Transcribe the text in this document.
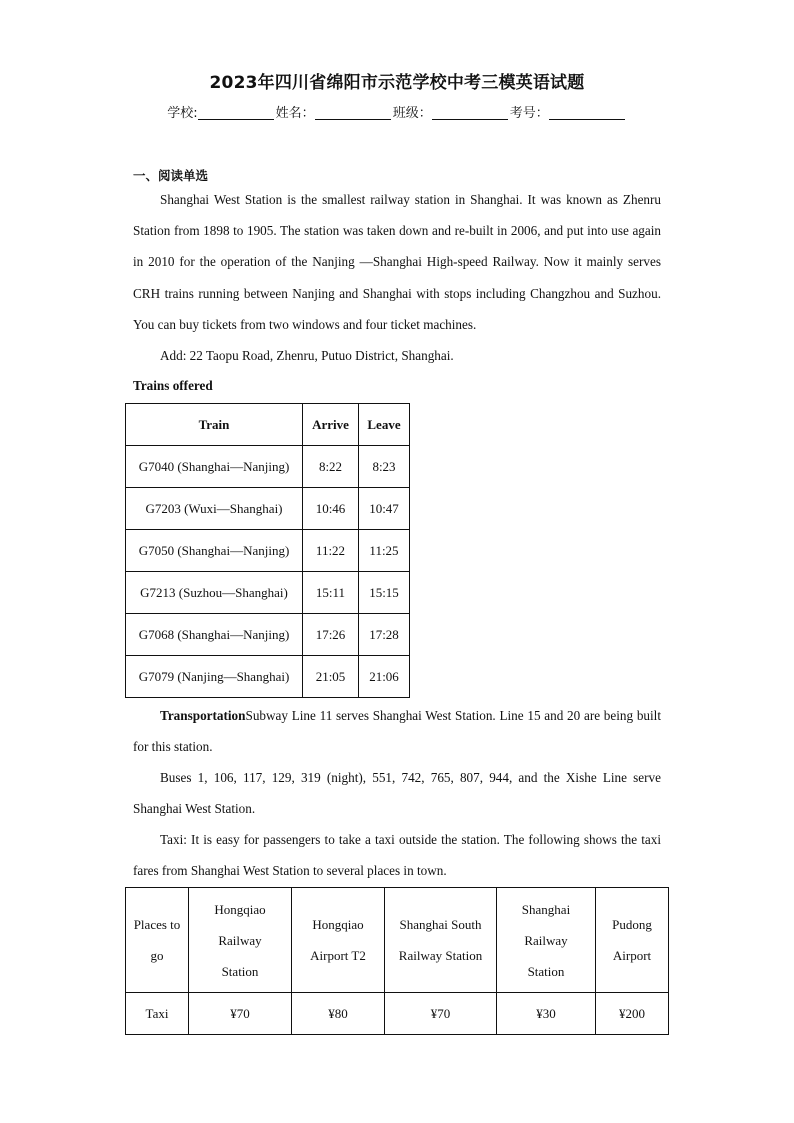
2023年四川省绵阳市示范学校中考三模英语试题
学校:	姓名：	班级：	考号：
一、阅读单选

Shanghai West Station is the smallest railway station in Shanghai. It was known as Zhenru Station from 1898 to 1905. The station was taken down and re-built in 2006, and put into use again in 2010 for the operation of the Nanjing —Shanghai High-speed Railway. Now it mainly serves CRH trains running between Nanjing and Shanghai with stops including Changzhou and Suzhou. You can buy tickets from two windows and four ticket machines.

Add: 22 Taopu Road, Zhenru, Putuo District, Shanghai.

Trains offered
Train	Arrive	Leave
G7040 (Shanghai—Nanjing)	8:22	8:23
G7203 (Wuxi—Shanghai)	10:46	10:47
G7050 (Shanghai—Nanjing)	11:22	11:25
G7213 (Suzhou—Shanghai)	15:11	15:15
G7068 (Shanghai—Nanjing)	17:26	17:28
G7079 (Nanjing—Shanghai)	21:05	21:06

TransportationSubway Line 11 serves Shanghai West Station. Line 15 and 20 are being built for this station.

Buses 1, 106, 117, 129, 319 (night), 551, 742, 765, 807, 944, and the Xishe Line serve Shanghai West Station.

Taxi: It is easy for passengers to take a taxi outside the station. The following shows the taxi fares from Shanghai West Station to several places in town.

Places to go	Hongqiao Railway Station	Hongqiao Airport T2	Shanghai South Railway Station	Shanghai Railway Station	Pudong Airport
Taxi	¥70	¥80	¥70	¥30	¥200
